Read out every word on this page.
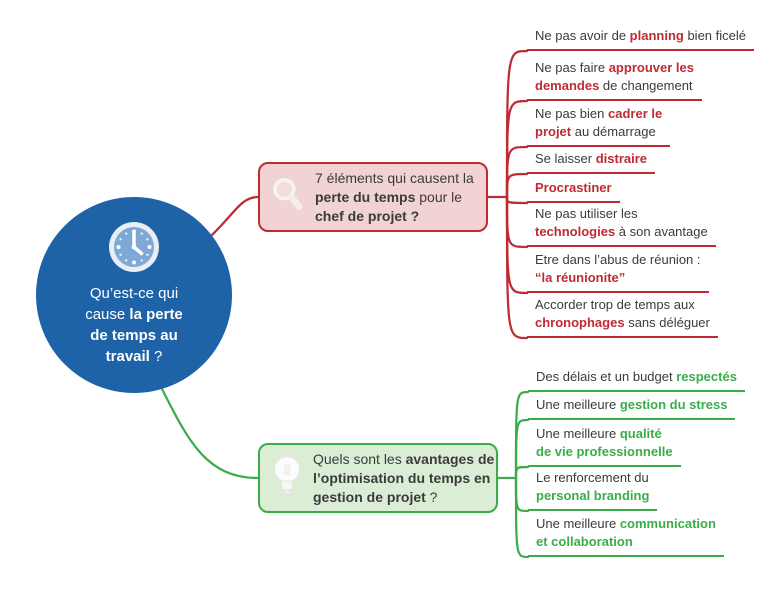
Qu’est-ce qui
cause la perte
de temps au
travail ?
7 éléments qui causent la
perte du temps pour le
chef de projet ?
Quels sont les avantages de
l’optimisation du temps en
gestion de projet ?
Ne pas avoir de planning bien ficelé
Ne pas faire approuver les
demandes de changement
Ne pas bien cadrer le
projet au démarrage
Se laisser distraire
Procrastiner
Ne pas utiliser les
technologies à son avantage
Etre dans l’abus de réunion :
“la réunionite”
Accorder trop de temps aux
chronophages sans déléguer
Des délais et un budget respectés
Une meilleure gestion du stress
Une meilleure qualité
de vie professionnelle
Le renforcement du
personal branding
Une meilleure communication
et collaboration
